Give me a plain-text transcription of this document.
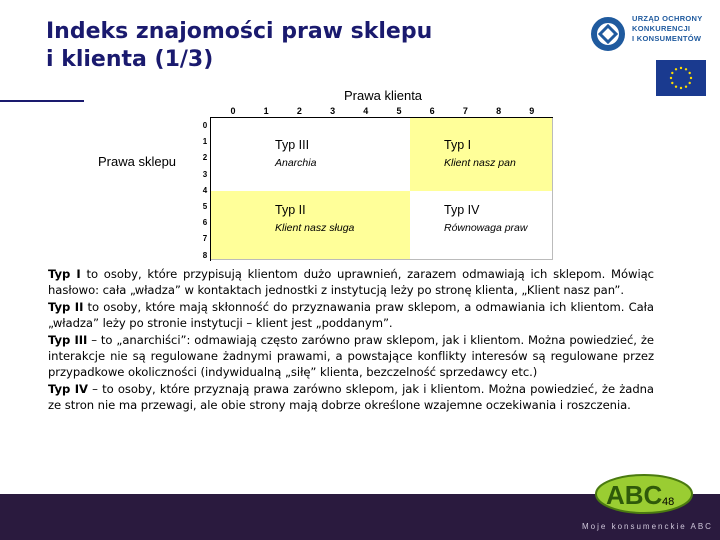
Indeks znajomości praw sklepu
i klienta (1/3)
URZĄD OCHRONY
KONKURENCJI
I KONSUMENTÓW
Prawa klienta
Prawa sklepu
0	1	2	3	4	5	6	7	8	9
0
1
2
3
4
5
6
7
8
Typ III
Anarchia
Typ I
Klient nasz pan
Typ II
Klient nasz sługa
Typ IV
Równowaga praw

Typ I to osoby, które przypisują klientom dużo uprawnień, zarazem odmawiają ich sklepom. Mówiąc hasłowo: cała „władza” w kontaktach jednostki z instytucją leży po stronę klienta, „Klient nasz pan”.

Typ II to osoby, które mają skłonność do przyznawania praw sklepom, a odmawiania ich klientom. Cała „władza” leży po stronie instytucji – klient jest „poddanym”.

Typ III – to „anarchiści”: odmawiają często zarówno praw sklepom, jak i klientom. Można powiedzieć, że interakcje nie są regulowane żadnymi prawami, a powstające konflikty interesów są regulowane przez przypadkowe okoliczności (indywidualną „siłę” klienta, bezczelność sprzedawcy etc.)

Typ IV – to osoby, które przyznają prawa zarówno sklepom, jak i klientom. Można powiedzieć, że żadna ze stron nie ma przewagi, ale obie strony mają dobrze określone wzajemne oczekiwania i roszczenia.

ABC 48
Moje konsumenckie ABC
